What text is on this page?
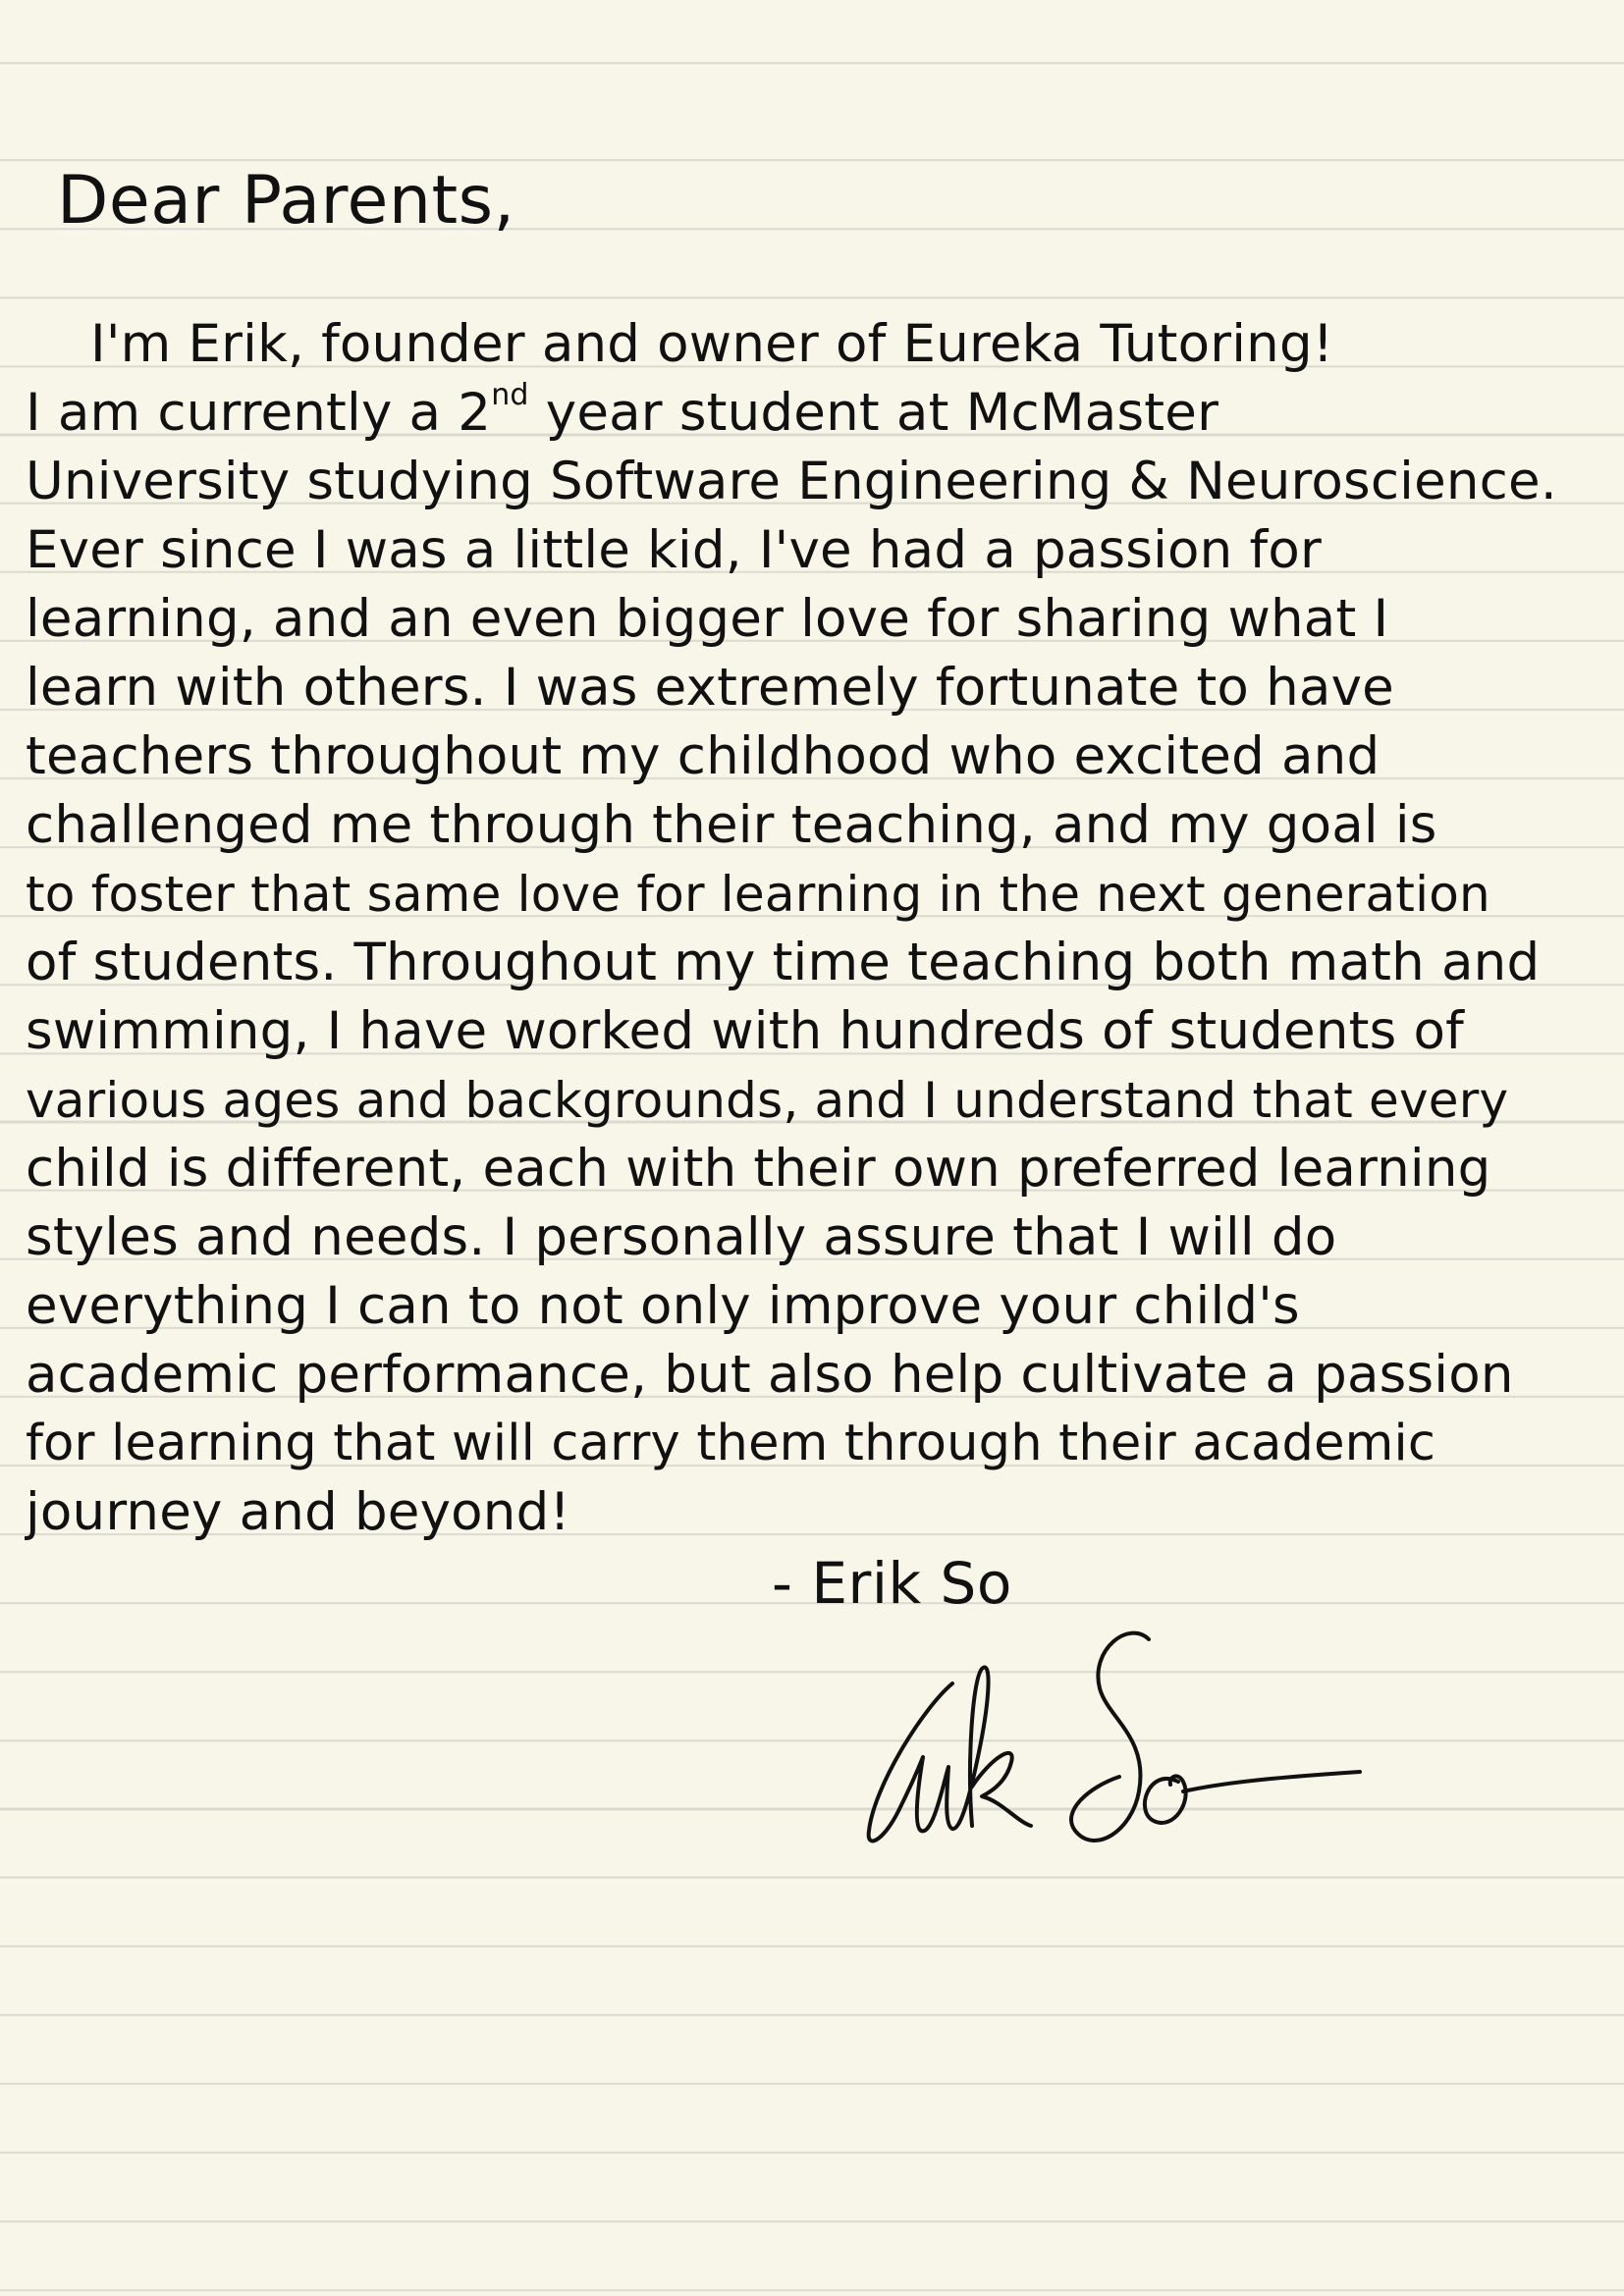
Dear Parents,
I'm Erik, founder and owner of Eureka Tutoring!
I am currently a 2nd year student at McMaster
University studying Software Engineering & Neuroscience.
Ever since I was a little kid, I've had a passion for
learning, and an even bigger love for sharing what I
learn with others. I was extremely fortunate to have
teachers throughout my childhood who excited and
challenged me through their teaching, and my goal is
to foster that same love for learning in the next generation
of students. Throughout my time teaching both math and
swimming, I have worked with hundreds of students of
various ages and backgrounds, and I understand that every
child is different, each with their own preferred learning
styles and needs. I personally assure that I will do
everything I can to not only improve your child's
academic performance, but also help cultivate a passion
for learning that will carry them through their academic
journey and beyond!
- Erik So
